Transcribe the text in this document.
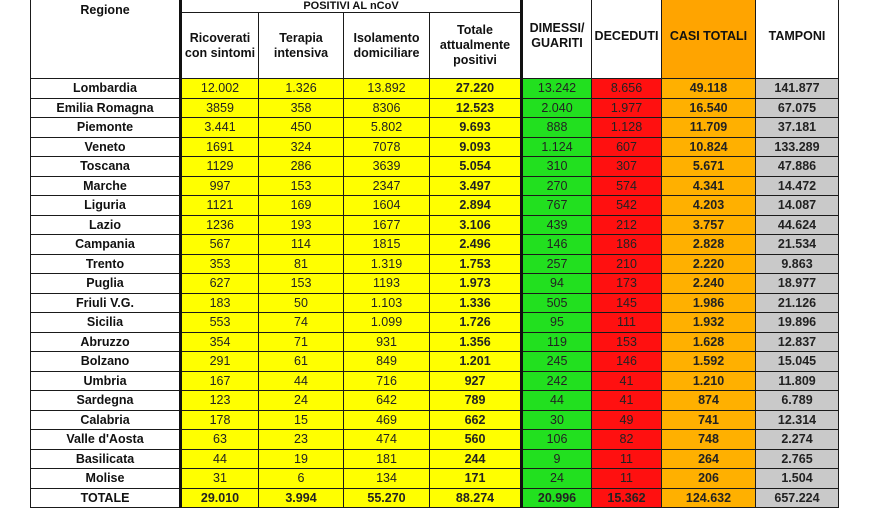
Regione	POSITIVI AL nCoV				DIMESSI/ GUARITI	DECEDUTI	CASI TOTALI	TAMPONI
	Ricoverati con sintomi	Terapia intensiva	Isolamento domiciliare	Totale attualmente positivi				
Lombardia	12.002	1.326	13.892	27.220	13.242	8.656	49.118	141.877
Emilia Romagna	3859	358	8306	12.523	2.040	1.977	16.540	67.075
Piemonte	3.441	450	5.802	9.693	888	1.128	11.709	37.181
Veneto	1691	324	7078	9.093	1.124	607	10.824	133.289
Toscana	1129	286	3639	5.054	310	307	5.671	47.886
Marche	997	153	2347	3.497	270	574	4.341	14.472
Liguria	1121	169	1604	2.894	767	542	4.203	14.087
Lazio	1236	193	1677	3.106	439	212	3.757	44.624
Campania	567	114	1815	2.496	146	186	2.828	21.534
Trento	353	81	1.319	1.753	257	210	2.220	9.863
Puglia	627	153	1193	1.973	94	173	2.240	18.977
Friuli V.G.	183	50	1.103	1.336	505	145	1.986	21.126
Sicilia	553	74	1.099	1.726	95	111	1.932	19.896
Abruzzo	354	71	931	1.356	119	153	1.628	12.837
Bolzano	291	61	849	1.201	245	146	1.592	15.045
Umbria	167	44	716	927	242	41	1.210	11.809
Sardegna	123	24	642	789	44	41	874	6.789
Calabria	178	15	469	662	30	49	741	12.314
Valle d'Aosta	63	23	474	560	106	82	748	2.274
Basilicata	44	19	181	244	9	11	264	2.765
Molise	31	6	134	171	24	11	206	1.504
TOTALE	29.010	3.994	55.270	88.274	20.996	15.362	124.632	657.224
